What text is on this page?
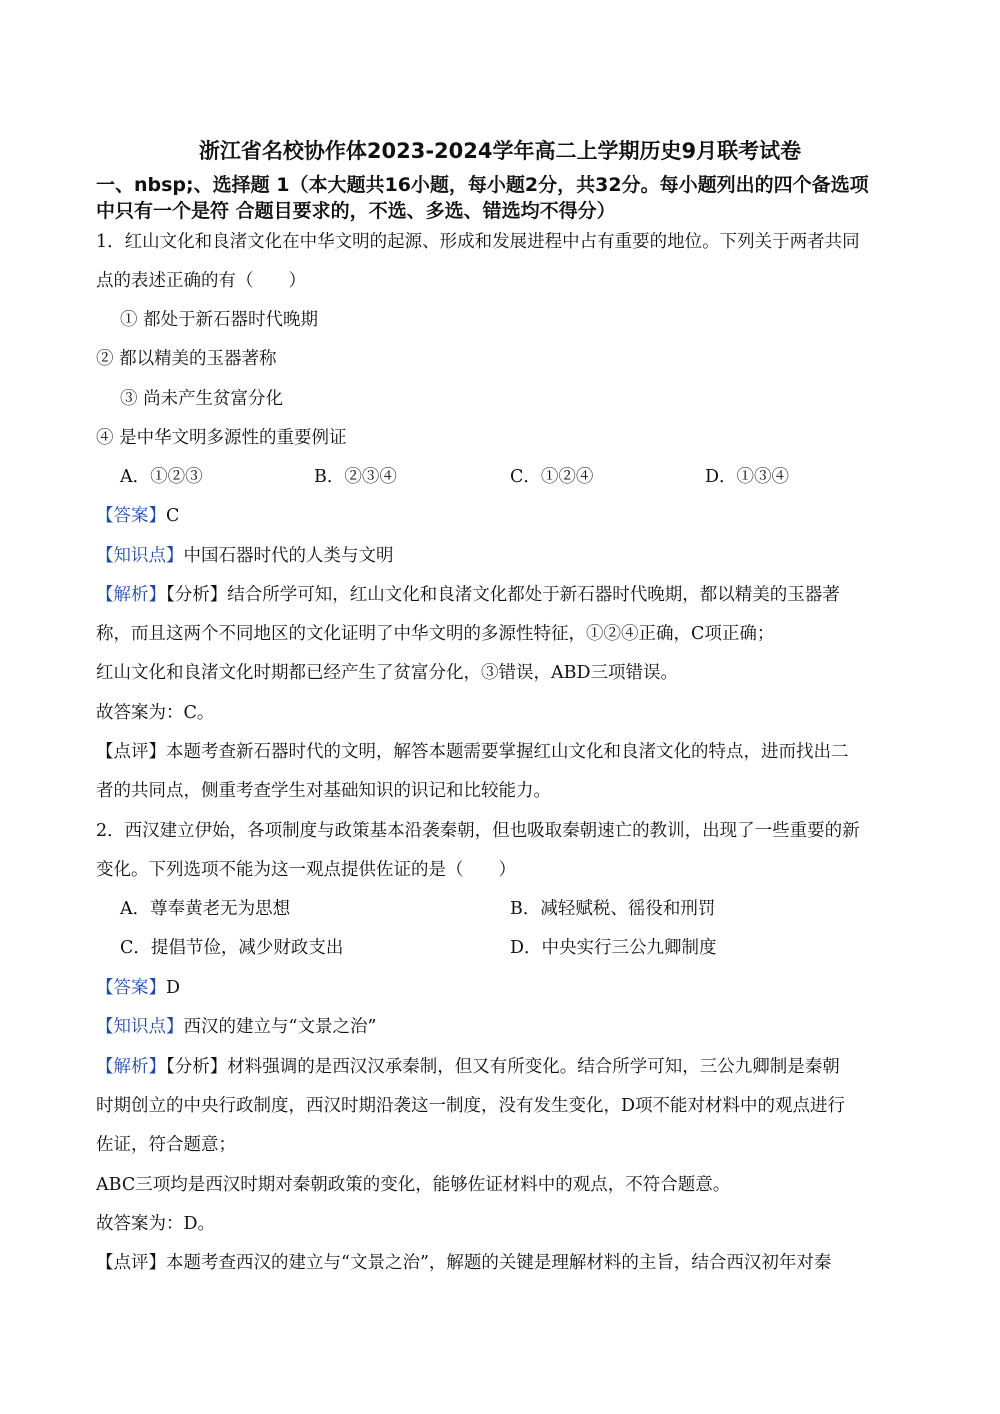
浙江省名校协作体2023-2024学年高二上学期历史9月联考试卷
一、nbsp;、选择题 1（本大题共16小题，每小题2分，共32分。每小题列出的四个备选项
中只有一个是符 合题目要求的，不选、多选、错选均不得分）
1．红山文化和良渚文化在中华文明的起源、形成和发展进程中占有重要的地位。下列关于两者共同
点的表述正确的有（　　）
① 都处于新石器时代晚期
② 都以精美的玉器著称
③ 尚未产生贫富分化
④ 是中华文明多源性的重要例证
A．①②③	B．②③④	C．①②④	D．①③④
【答案】C
【知识点】中国石器时代的人类与文明
【解析】【分析】结合所学可知，红山文化和良渚文化都处于新石器时代晚期，都以精美的玉器著
称，而且这两个不同地区的文化证明了中华文明的多源性特征，①②④正确，C项正确；
红山文化和良渚文化时期都已经产生了贫富分化，③错误，ABD三项错误。
故答案为：C。
【点评】本题考查新石器时代的文明，解答本题需要掌握红山文化和良渚文化的特点，进而找出二
者的共同点，侧重考查学生对基础知识的识记和比较能力。
2．西汉建立伊始，各项制度与政策基本沿袭秦朝，但也吸取秦朝速亡的教训，出现了一些重要的新
变化。下列选项不能为这一观点提供佐证的是（　　）
A．尊奉黄老无为思想	B．减轻赋税、徭役和刑罚
C．提倡节俭，减少财政支出	D．中央实行三公九卿制度
【答案】D
【知识点】西汉的建立与“文景之治”
【解析】【分析】材料强调的是西汉汉承秦制，但又有所变化。结合所学可知，三公九卿制是秦朝
时期创立的中央行政制度，西汉时期沿袭这一制度，没有发生变化，D项不能对材料中的观点进行
佐证，符合题意；
ABC三项均是西汉时期对秦朝政策的变化，能够佐证材料中的观点，不符合题意。
故答案为：D。
【点评】本题考查西汉的建立与“文景之治”，解题的关键是理解材料的主旨，结合西汉初年对秦
